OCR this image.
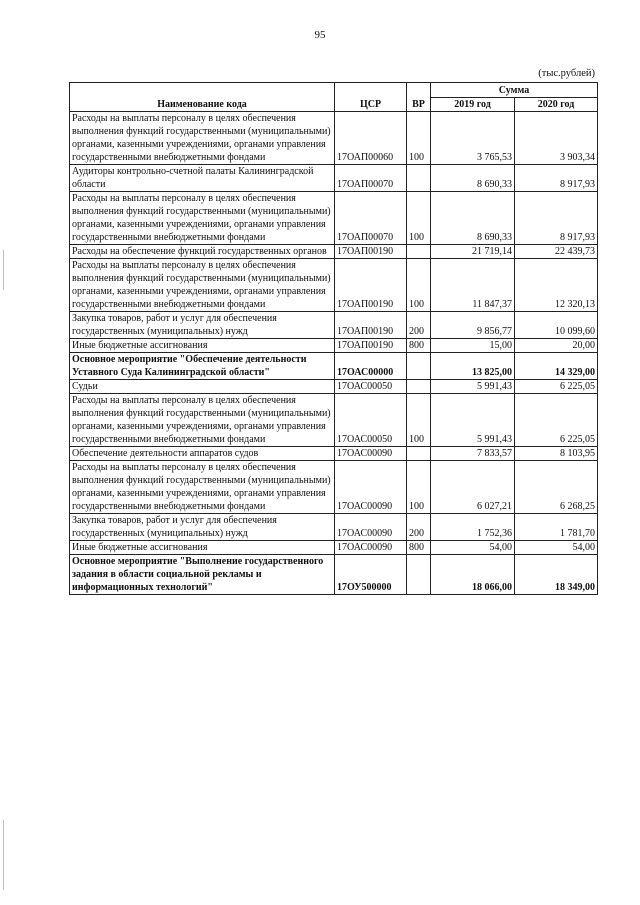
95
(тыс.рублей)
Наименование кода	ЦСР	ВР	Сумма	
			2019 год	2020 год
Расходы на выплаты персоналу в целях обеспечения выполнения функций государственными (муниципальными) органами, казенными учреждениями, органами управления государственными внебюджетными фондами	17ОАП00060	100	3 765,53	3 903,34
Аудиторы контрольно-счетной палаты Калининградской области	17ОАП00070		8 690,33	8 917,93
Расходы на выплаты персоналу в целях обеспечения выполнения функций государственными (муниципальными) органами, казенными учреждениями, органами управления государственными внебюджетными фондами	17ОАП00070	100	8 690,33	8 917,93
Расходы на обеспечение функций государственных органов	17ОАП00190		21 719,14	22 439,73
Расходы на выплаты персоналу в целях обеспечения выполнения функций государственными (муниципальными) органами, казенными учреждениями, органами управления государственными внебюджетными фондами	17ОАП00190	100	11 847,37	12 320,13
Закупка товаров, работ и услуг для обеспечения государственных (муниципальных) нужд	17ОАП00190	200	9 856,77	10 099,60
Иные бюджетные ассигнования	17ОАП00190	800	15,00	20,00
Основное мероприятие "Обеспечение деятельности Уставного Суда Калининградской области"	17ОАС00000		13 825,00	14 329,00
Судьи	17ОАС00050		5 991,43	6 225,05
Расходы на выплаты персоналу в целях обеспечения выполнения функций государственными (муниципальными) органами, казенными учреждениями, органами управления государственными внебюджетными фондами	17ОАС00050	100	5 991,43	6 225,05
Обеспечение деятельности аппаратов судов	17ОАС00090		7 833,57	8 103,95
Расходы на выплаты персоналу в целях обеспечения выполнения функций государственными (муниципальными) органами, казенными учреждениями, органами управления государственными внебюджетными фондами	17ОАС00090	100	6 027,21	6 268,25
Закупка товаров, работ и услуг для обеспечения государственных (муниципальных) нужд	17ОАС00090	200	1 752,36	1 781,70
Иные бюджетные ассигнования	17ОАС00090	800	54,00	54,00
Основное мероприятие "Выполнение государственного задания в области социальной рекламы и информационных технологий"	17ОУ500000		18 066,00	18 349,00
